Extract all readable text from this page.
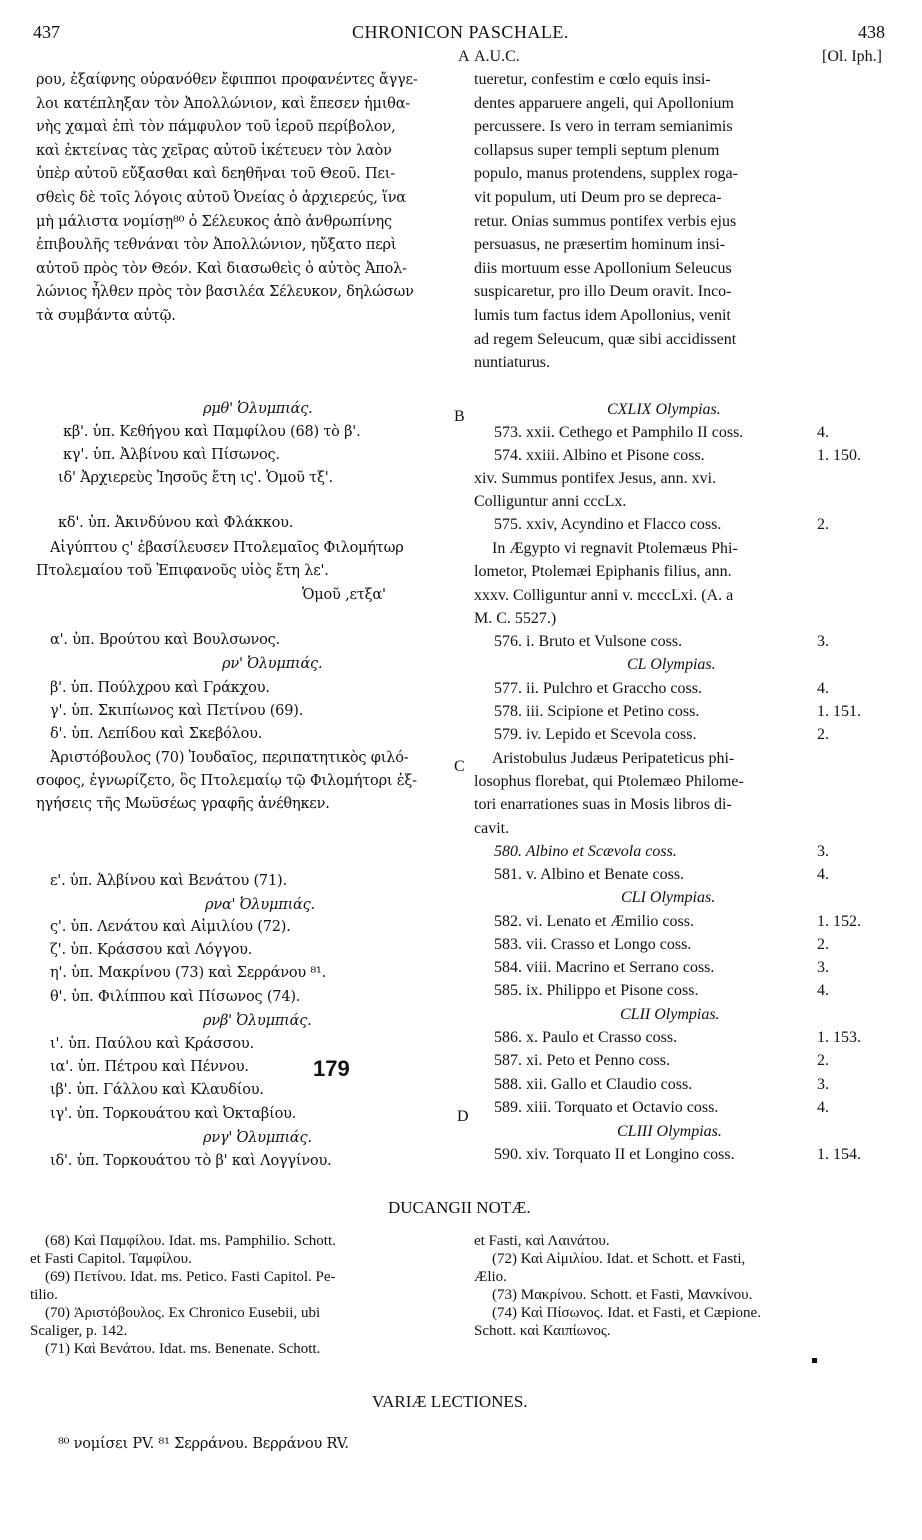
437	CHRONICON PASCHALE.	438
A.U.C.	[Ol. Iph.]
A
B
C
D
ρου, ἐξαίφνης οὐρανόθεν ἔφιπποι προφανέντες ἄγγε-
λοι κατέπληξαν τὸν Ἀπολλώνιον, καὶ ἔπεσεν ἡμιθα-
νὴς χαμαὶ ἐπὶ τὸν πάμφυλον τοῦ ἱεροῦ περίβολον,
καὶ ἐκτείνας τὰς χεῖρας αὐτοῦ ἱκέτευεν τὸν λαὸν
ὑπὲρ αὐτοῦ εὔξασθαι καὶ δεηθῆναι τοῦ Θεοῦ. Πει-
σθεὶς δὲ τοῖς λόγοις αὐτοῦ Ὀνείας ὁ ἀρχιερεύς, ἵνα
μὴ μάλιστα νομίσῃ⁸⁰ ὁ Σέλευκος ἀπὸ ἀνθρωπίνης
ἐπιβουλῆς τεθνάναι τὸν Ἀπολλώνιον, ηὔξατο περὶ
αὐτοῦ πρὸς τὸν Θεόν. Καὶ διασωθεὶς ὁ αὐτὸς Ἀπολ-
λώνιος ἦλθεν πρὸς τὸν βασιλέα Σέλευκον, δηλώσων
τὰ συμβάντα αὐτῷ.
tueretur, confestim e cœlo equis insi-
dentes apparuere angeli, qui Apollonium
percussere. Is vero in terram semianimis
collapsus super templi septum plenum
populo, manus protendens, supplex roga-
vit populum, uti Deum pro se depreca-
retur. Onias summus pontifex verbis ejus
persuasus, ne præsertim hominum insi-
diis mortuum esse Apollonium Seleucus
suspicaretur, pro illo Deum oravit. Inco-
lumis tum factus idem Apollonius, venit
ad regem Seleucum, quæ sibi accidissent
nuntiaturus.
ρμθ' Ὀλυμπιάς.
κβ'. ὑπ. Κεθήγου καὶ Παμφίλου (68) τὸ β'.
κγ'. ὑπ. Ἀλβίνου καὶ Πίσωνος.
ιδ' Ἀρχιερεὺς Ἰησοῦς ἔτη ις'. Ὁμοῦ τξ'.
κδ'. ὑπ. Ἀκινδύνου καὶ Φλάκκου.
Αἰγύπτου ς' ἐβασίλευσεν Πτολεμαῖος Φιλομήτωρ
Πτολεμαίου τοῦ Ἐπιφανοῦς υἱὸς ἔτη λε'.
Ὁμοῦ ‚ετξα'
α'. ὑπ. Βρούτου καὶ Βουλσωνος.
ρν' Ὀλυμπιάς.
β'. ὑπ. Πούλχρου καὶ Γράκχου.
γ'. ὑπ. Σκιπίωνος καὶ Πετίνου (69).
δ'. ὑπ. Λεπίδου καὶ Σκεβόλου.
Ἀριστόβουλος (70) Ἰουδαῖος, περιπατητικὸς φιλό-
σοφος, ἐγνωρίζετο, ὃς Πτολεμαίῳ τῷ Φιλομήτορι ἐξ-
ηγήσεις τῆς Μωϋσέως γραφῆς ἀνέθηκεν.
ε'. ὑπ. Ἀλβίνου καὶ Βενάτου (71).
ρνα' Ὀλυμπιάς.
ς'. ὑπ. Λενάτου καὶ Αἰμιλίου (72).
ζ'. ὑπ. Κράσσου καὶ Λόγγου.
η'. ὑπ. Μακρίνου (73) καὶ Σερράνου ⁸¹.
θ'. ὑπ. Φιλίππου καὶ Πίσωνος (74).
ρνβ' Ὀλυμπιάς.
ι'. ὑπ. Παύλου καὶ Κράσσου.
ια'. ὑπ. Πέτρου καὶ Πέννου.
ιβ'. ὑπ. Γάλλου καὶ Κλαυδίου.
ιγ'. ὑπ. Τορκουάτου καὶ Ὀκταβίου.
ρνγ' Ὀλυμπιάς.
ιδ'. ὑπ. Τορκουάτου τὸ β' καὶ Λογγίνου.
CXLIX Olympias.
573. xxii. Cethego et Pamphilo II coss.	4.
574. xxiii. Albino et Pisone coss.	1. 150.
xiv. Summus pontifex Jesus, ann. xvi.
Colliguntur anni cccLx.
575. xxiv, Acyndino et Flacco coss.	2.
In Ægypto vi regnavit Ptolemæus Phi-
lometor, Ptolemæi Epiphanis filius, ann.
xxxv. Colliguntur anni v. mcccLxi. (A. a
M. C. 5527.)
576. i. Bruto et Vulsone coss.	3.
CL Olympias.
577. ii. Pulchro et Graccho coss.	4.
578. iii. Scipione et Petino coss.	1. 151.
579. iv. Lepido et Scevola coss.	2.
Aristobulus Judæus Peripateticus phi-
losophus florebat, qui Ptolemæo Philome-
tori enarrationes suas in Mosis libros di-
cavit.
580. Albino et Scævola coss.	3.
581. v. Albino et Benate coss.	4.
CLI Olympias.
582. vi. Lenato et Æmilio coss.	1. 152.
583. vii. Crasso et Longo coss.	2.
584. viii. Macrino et Serrano coss.	3.
585. ix. Philippo et Pisone coss.	4.
CLII Olympias.
586. x. Paulo et Crasso coss.	1. 153.
587. xi. Peto et Penno coss.	2.
588. xii. Gallo et Claudio coss.	3.
589. xiii. Torquato et Octavio coss.	4.
CLIII Olympias.
590. xiv. Torquato II et Longino coss.	1. 154.
179
DUCANGII NOTÆ.
(68) Καὶ Παμφίλου. Idat. ms. Pamphilio. Schott.
et Fasti Capitol. Ταμφίλου.
(69) Πετίνου. Idat. ms. Petico. Fasti Capitol. Pe-
tilio.
(70) Ἀριστόβουλος. Ex Chronico Eusebii, ubi
Scaliger, p. 142.
(71) Καὶ Βενάτου. Idat. ms. Benenate. Schott.
et Fasti, καὶ Λαινάτου.
(72) Καὶ Αἰμιλίου. Idat. et Schott. et Fasti,
Ælio.
(73) Μακρίνου. Schott. et Fasti, Μανκίνου.
(74) Καὶ Πίσωνος. Idat. et Fasti, et Cæpione.
Schott. καὶ Καιπίωνος.
VARIÆ LECTIONES.
⁸⁰ νομίσει PV. ⁸¹ Σερράνου. Βερράνου RV.
